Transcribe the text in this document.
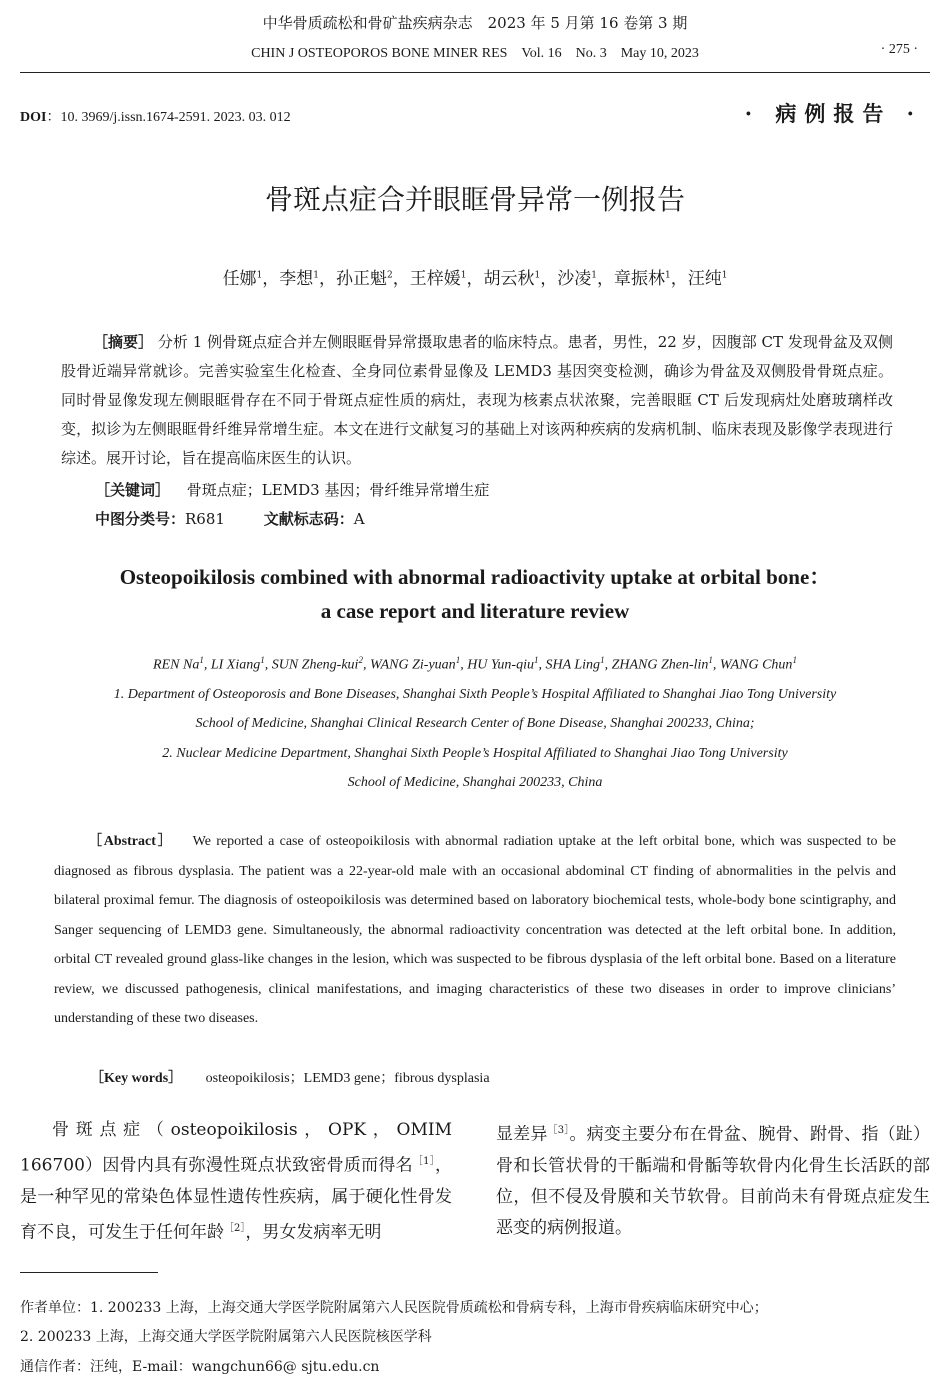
中华骨质疏松和骨矿盐疾病杂志　2023 年 5 月第 16 卷第 3 期
CHIN J OSTEOPOROS BONE MINER RES　Vol. 16　No. 3　May 10, 2023	· 275 ·
DOI：10. 3969/j.issn.1674-2591. 2023. 03. 012	· 病例报告 ·
骨斑点症合并眼眶骨异常一例报告
任娜$^1$，李想$^1$，孙正魁$^2$，王梓媛$^1$，胡云秋$^1$，沙凌$^1$，章振林$^1$，汪纯$^1$
［摘要］ 分析 1 例骨斑点症合并左侧眼眶骨异常摄取患者的临床特点。患者，男性，22 岁，因腹部 CT 发现骨盆及双侧股骨近端异常就诊。完善实验室生化检查、全身同位素骨显像及 LEMD3 基因突变检测，确诊为骨盆及双侧股骨骨斑点症。同时骨显像发现左侧眼眶骨存在不同于骨斑点症性质的病灶，表现为核素点状浓聚，完善眼眶 CT 后发现病灶处磨玻璃样改变，拟诊为左侧眼眶骨纤维异常增生症。本文在进行文献复习的基础上对该两种疾病的发病机制、临床表现及影像学表现进行综述。展开讨论，旨在提高临床医生的认识。
［关键词］ 骨斑点症；LEMD3 基因；骨纤维异常增生症
中图分类号：R681	文献标志码：A
Osteopoikilosis combined with abnormal radioactivity uptake at orbital bone：
a case report and literature review
REN Na$^1$, LI Xiang$^1$, SUN Zheng-kui$^2$, WANG Zi-yuan$^1$, HU Yun-qiu$^1$, SHA Ling$^1$, ZHANG Zhen-lin$^1$, WANG Chun$^1$
1. Department of Osteoporosis and Bone Diseases, Shanghai Sixth People’s Hospital Affiliated to Shanghai Jiao Tong University
School of Medicine, Shanghai Clinical Research Center of Bone Disease, Shanghai 200233, China;
2. Nuclear Medicine Department, Shanghai Sixth People’s Hospital Affiliated to Shanghai Jiao Tong University
School of Medicine, Shanghai 200233, China
［Abstract］ We reported a case of osteopoikilosis with abnormal radiation uptake at the left orbital bone, which was suspected to be diagnosed as fibrous dysplasia. The patient was a 22-year-old male with an occasional abdominal CT finding of abnormalities in the pelvis and bilateral proximal femur. The diagnosis of osteopoikilosis was determined based on laboratory biochemical tests, whole-body bone scintigraphy, and Sanger sequencing of LEMD3 gene. Simultaneously, the abnormal radioactivity concentration was detected at the left orbital bone. In addition, orbital CT revealed ground glass-like changes in the lesion, which was suspected to be fibrous dysplasia of the left orbital bone. Based on a literature review, we discussed pathogenesis, clinical manifestations, and imaging characteristics of these two diseases in order to improve clinicians’ understanding of these two diseases.
［Key words］ osteopoikilosis；LEMD3 gene；fibrous dysplasia
骨斑点症（osteopoikilosis，OPK，OMIM 166700）因骨内具有弥漫性斑点状致密骨质而得名$^{[1]}$，是一种罕见的常染色体显性遗传性疾病，属于硬化性骨发育不良，可发生于任何年龄$^{[2]}$，男女发病率无明
显差异$^{[3]}$。病变主要分布在骨盆、腕骨、跗骨、指（趾）骨和长管状骨的干骺端和骨骺等软骨内化骨生长活跃的部位，但不侵及骨膜和关节软骨。目前尚未有骨斑点症发生恶变的病例报道。
作者单位：1. 200233 上海，上海交通大学医学院附属第六人民医院骨质疏松和骨病专科，上海市骨疾病临床研究中心；
2. 200233 上海，上海交通大学医学院附属第六人民医院核医学科
通信作者：汪纯，E-mail：wangchun66@ sjtu.edu.cn
